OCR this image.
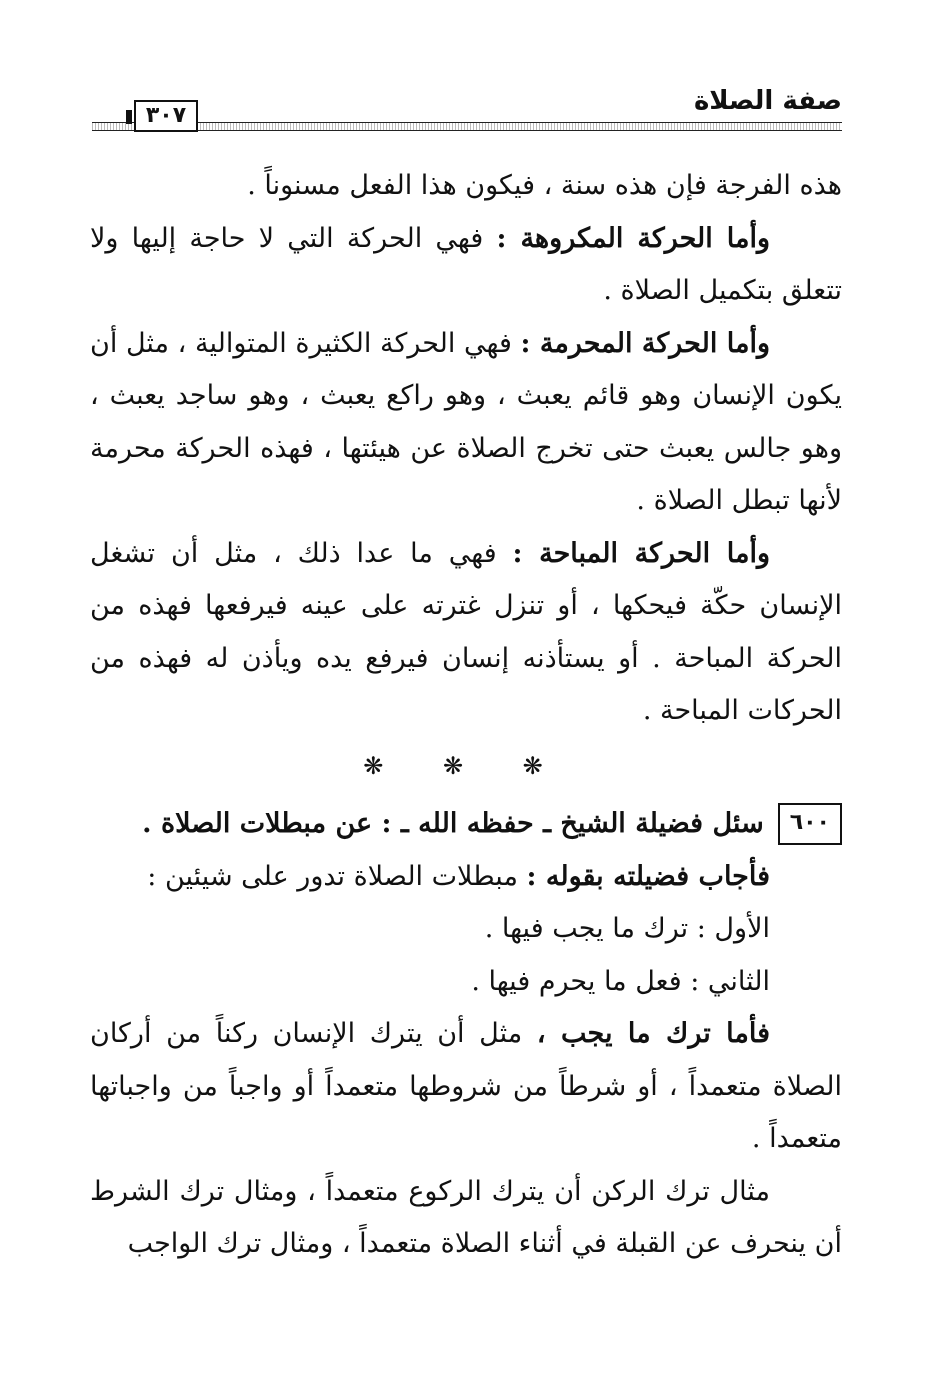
صفة الصلاة
٣٠٧

هذه الفرجة فإن هذه سنة ، فيكون هذا الفعل مسنوناً .

وأما الحركة المكروهة : فهي الحركة التي لا حاجة إليها ولا تتعلق بتكميل الصلاة .

وأما الحركة المحرمة : فهي الحركة الكثيرة المتوالية ، مثل أن يكون الإنسان وهو قائم يعبث ، وهو راكع يعبث ، وهو ساجد يعبث ، وهو جالس يعبث حتى تخرج الصلاة عن هيئتها ، فهذه الحركة محرمة لأنها تبطل الصلاة .

وأما الحركة المباحة : فهي ما عدا ذلك ، مثل أن تشغل الإنسان حكّة فيحكها ، أو تنزل غترته على عينه فيرفعها فهذه من الحركة المباحة . أو يستأذنه إنسان فيرفع يده ويأذن له فهذه من الحركات المباحة .

❋ ❋ ❋

٦٠٠
سئل فضيلة الشيخ ـ حفظه الله ـ : عن مبطلات الصلاة .

فأجاب فضيلته بقوله : مبطلات الصلاة تدور على شيئين :

الأول : ترك ما يجب فيها .

الثاني : فعل ما يحرم فيها .

فأما ترك ما يجب ، مثل أن يترك الإنسان ركناً من أركان الصلاة متعمداً ، أو شرطاً من شروطها متعمداً أو واجباً من واجباتها متعمداً .

مثال ترك الركن أن يترك الركوع متعمداً ، ومثال ترك الشرط أن ينحرف عن القبلة في أثناء الصلاة متعمداً ، ومثال ترك الواجب
